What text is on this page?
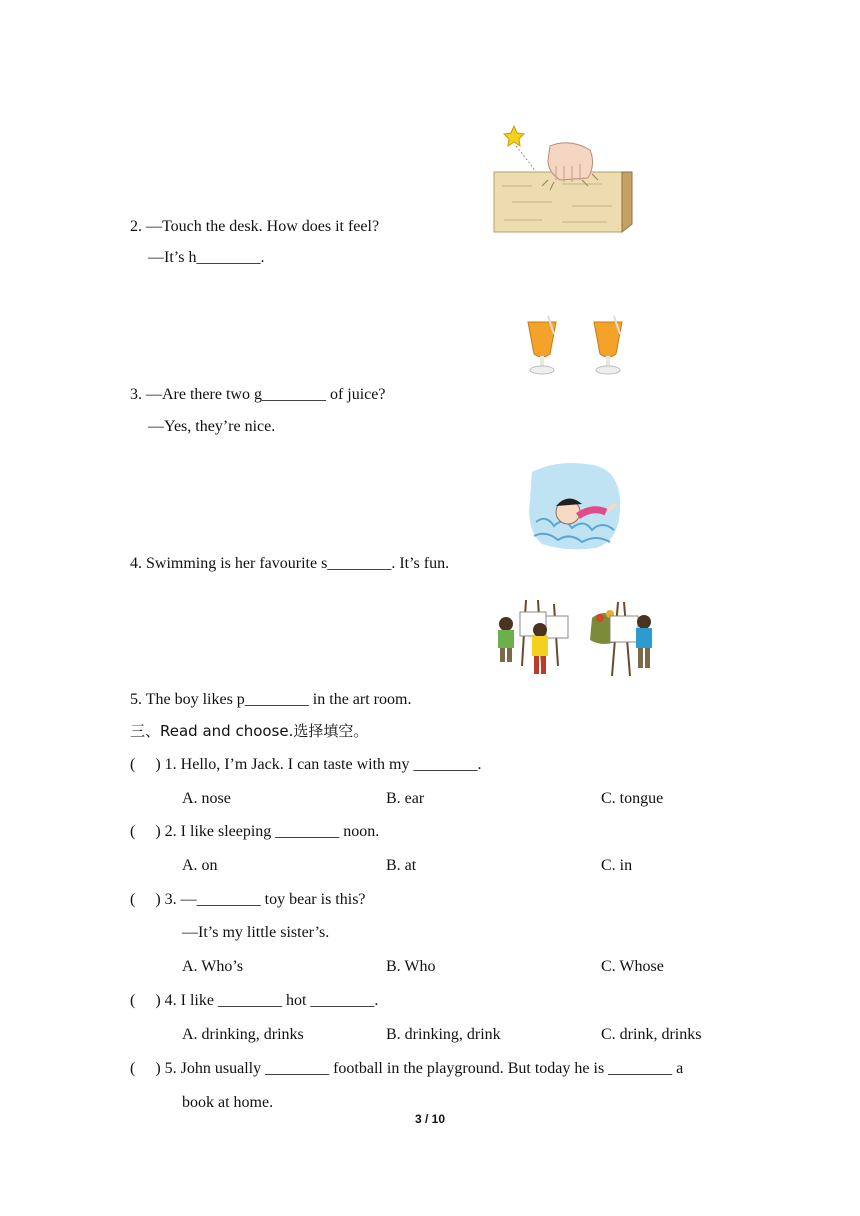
2. —Touch the desk. How does it feel?
—It’s h________.
3. —Are there two g________ of juice?
—Yes, they’re nice.
4. Swimming is her favourite s________. It’s fun.
5. The boy likes p________ in the art room.
三、Read and choose.选择填空。
(     ) 1. Hello, I’m Jack. I can taste with my ________.
A. nose	B. ear	C. tongue
(     ) 2. I like sleeping ________ noon.
A. on	B. at	C. in
(     ) 3. —________ toy bear is this?
—It’s my little sister’s.
A. Who’s	B. Who	C. Whose
(     ) 4. I like ________ hot ________.
A. drinking, drinks	B. drinking, drink	C. drink, drinks
(     ) 5. John usually ________ football in the playground. But today he is ________ a
book at home.
3 / 10
